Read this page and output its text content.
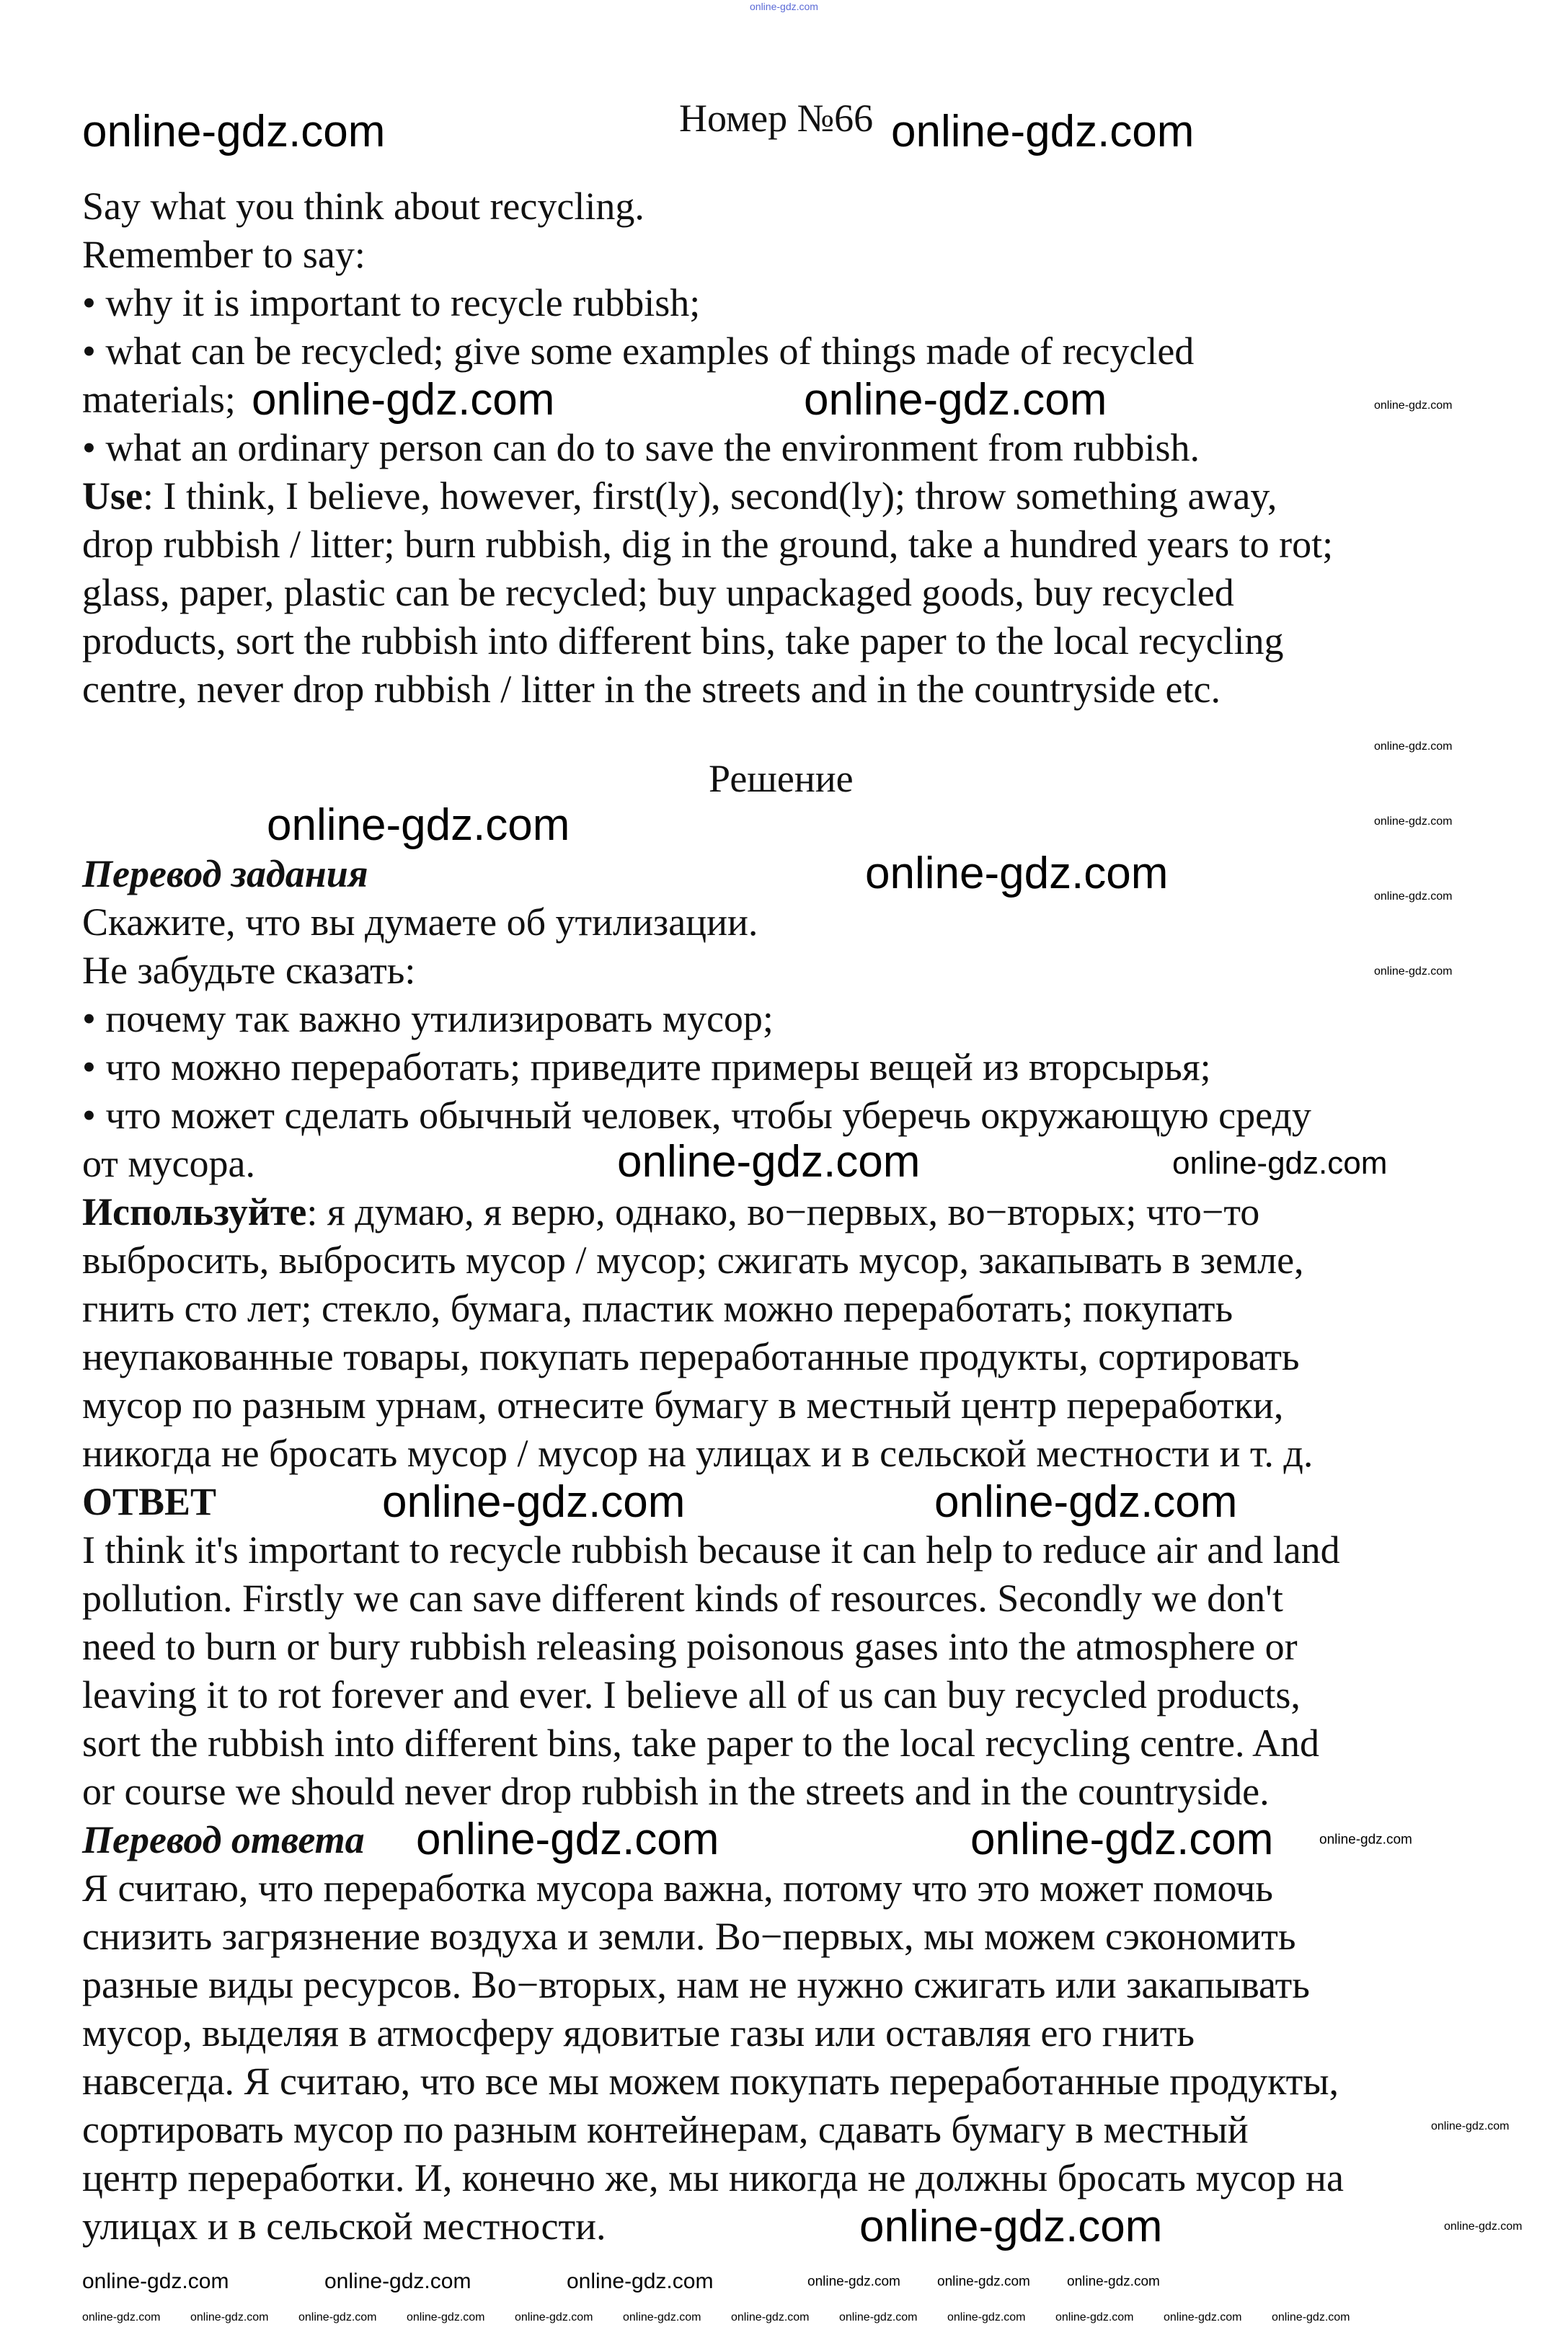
online-gdz.com
Номер №66
Say what you think about recycling.
Remember to say:
• why it is important to recycle rubbish;
• what can be recycled; give some examples of things made of recycled
materials;
• what an ordinary person can do to save the environment from rubbish.
Use: I think, I believe, however, first(ly), second(ly); throw something away,
drop rubbish / litter; burn rubbish, dig in the ground, take a hundred years to rot;
glass, paper, plastic can be recycled; buy unpackaged goods, buy recycled
products, sort the rubbish into different bins, take paper to the local recycling
centre, never drop rubbish / litter in the streets and in the countryside etc.
Решение
Перевод задания
Скажите, что вы думаете об утилизации.
Не забудьте сказать:
• почему так важно утилизировать мусор;
• что можно переработать; приведите примеры вещей из вторсырья;
• что может сделать обычный человек, чтобы уберечь окружающую среду
от мусора.
Используйте: я думаю, я верю, однако, во−первых, во−вторых; что−то
выбросить, выбросить мусор / мусор; сжигать мусор, закапывать в земле,
гнить сто лет; стекло, бумага, пластик можно переработать; покупать
неупакованные товары, покупать переработанные продукты, сортировать
мусор по разным урнам, отнесите бумагу в местный центр переработки,
никогда не бросать мусор / мусор на улицах и в сельской местности и т. д.
ОТВЕТ
I think it's important to recycle rubbish because it can help to reduce air and land
pollution. Firstly we can save different kinds of resources. Secondly we don't
need to burn or bury rubbish releasing poisonous gases into the atmosphere or
leaving it to rot forever and ever. I believe all of us can buy recycled products,
sort the rubbish into different bins, take paper to the local recycling centre. And
or course we should never drop rubbish in the streets and in the countryside.
Перевод ответа
Я считаю, что переработка мусора важна, потому что это может помочь
снизить загрязнение воздуха и земли. Во−первых, мы можем сэкономить
разные виды ресурсов. Во−вторых, нам не нужно сжигать или закапывать
мусор, выделяя в атмосферу ядовитые газы или оставляя его гнить
навсегда. Я считаю, что все мы можем покупать переработанные продукты,
сортировать мусор по разным контейнерам, сдавать бумагу в местный
центр переработки. И, конечно же, мы никогда не должны бросать мусор на
улицах и в сельской местности.
online-gdz.com	online-gdz.com
online-gdz.com	online-gdz.com
online-gdz.com
online-gdz.com
online-gdz.com
online-gdz.com	online-gdz.com
online-gdz.com	online-gdz.com
online-gdz.com
online-gdz.com
online-gdz.com
online-gdz.com
online-gdz.com
online-gdz.com
online-gdz.com
online-gdz.com
online-gdz.com
online-gdz.com
online-gdz.com	online-gdz.com	online-gdz.com	online-gdz.com	online-gdz.com	online-gdz.com
online-gdz.com	online-gdz.com	online-gdz.com	online-gdz.com	online-gdz.com	online-gdz.com	online-gdz.com	online-gdz.com	online-gdz.com	online-gdz.com	online-gdz.com	online-gdz.com
